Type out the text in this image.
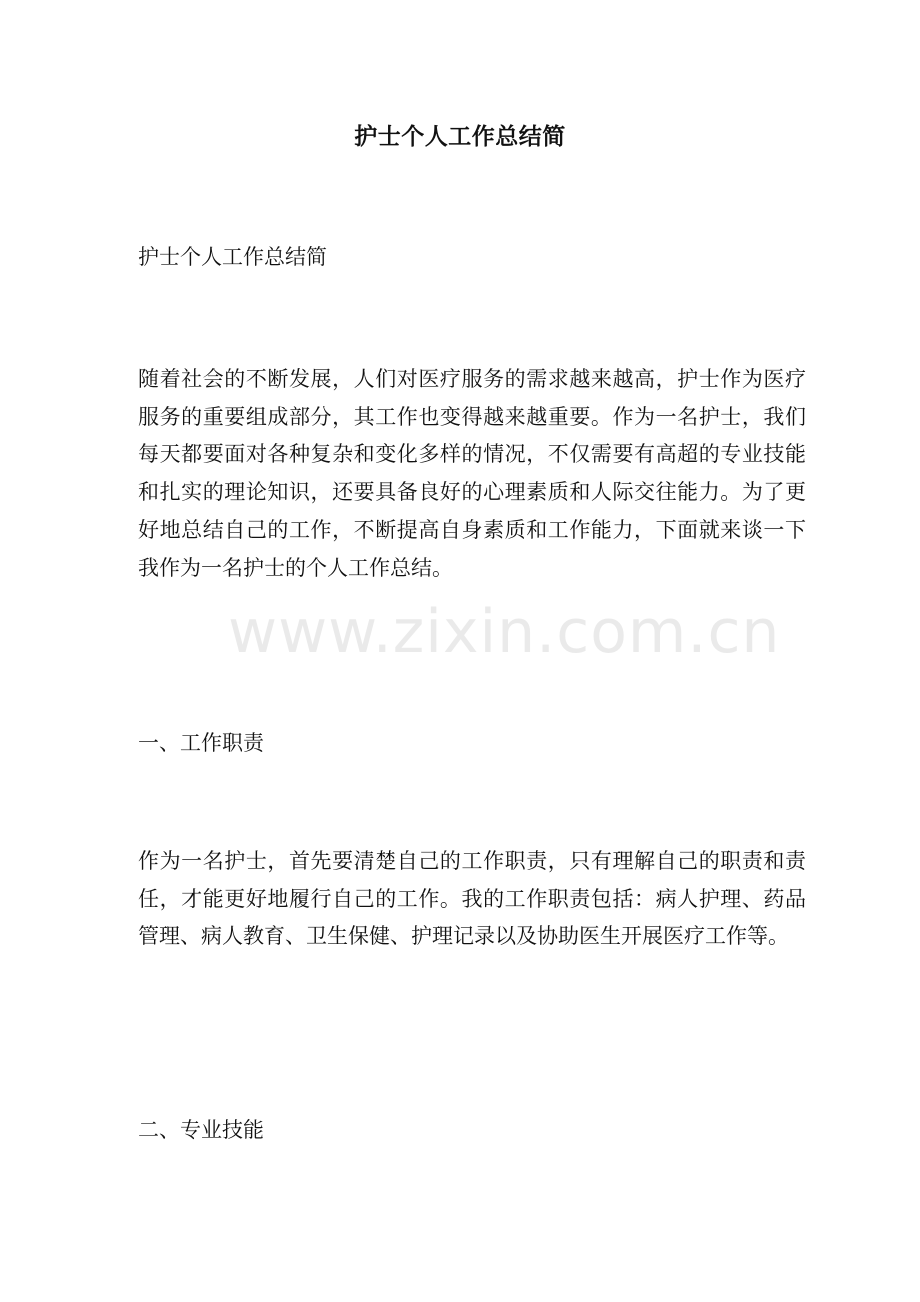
护士个人工作总结简
护士个人工作总结简

随着社会的不断发展，人们对医疗服务的需求越来越高，护士作为医疗服务的重要组成部分，其工作也变得越来越重要。作为一名护士，我们每天都要面对各种复杂和变化多样的情况，不仅需要有高超的专业技能和扎实的理论知识，还要具备良好的心理素质和人际交往能力。为了更好地总结自己的工作，不断提高自身素质和工作能力，下面就来谈一下我作为一名护士的个人工作总结。

一、工作职责

作为一名护士，首先要清楚自己的工作职责，只有理解自己的职责和责任，才能更好地履行自己的工作。我的工作职责包括：病人护理、药品管理、病人教育、卫生保健、护理记录以及协助医生开展医疗工作等。

二、专业技能
www.zixin.com.cn
